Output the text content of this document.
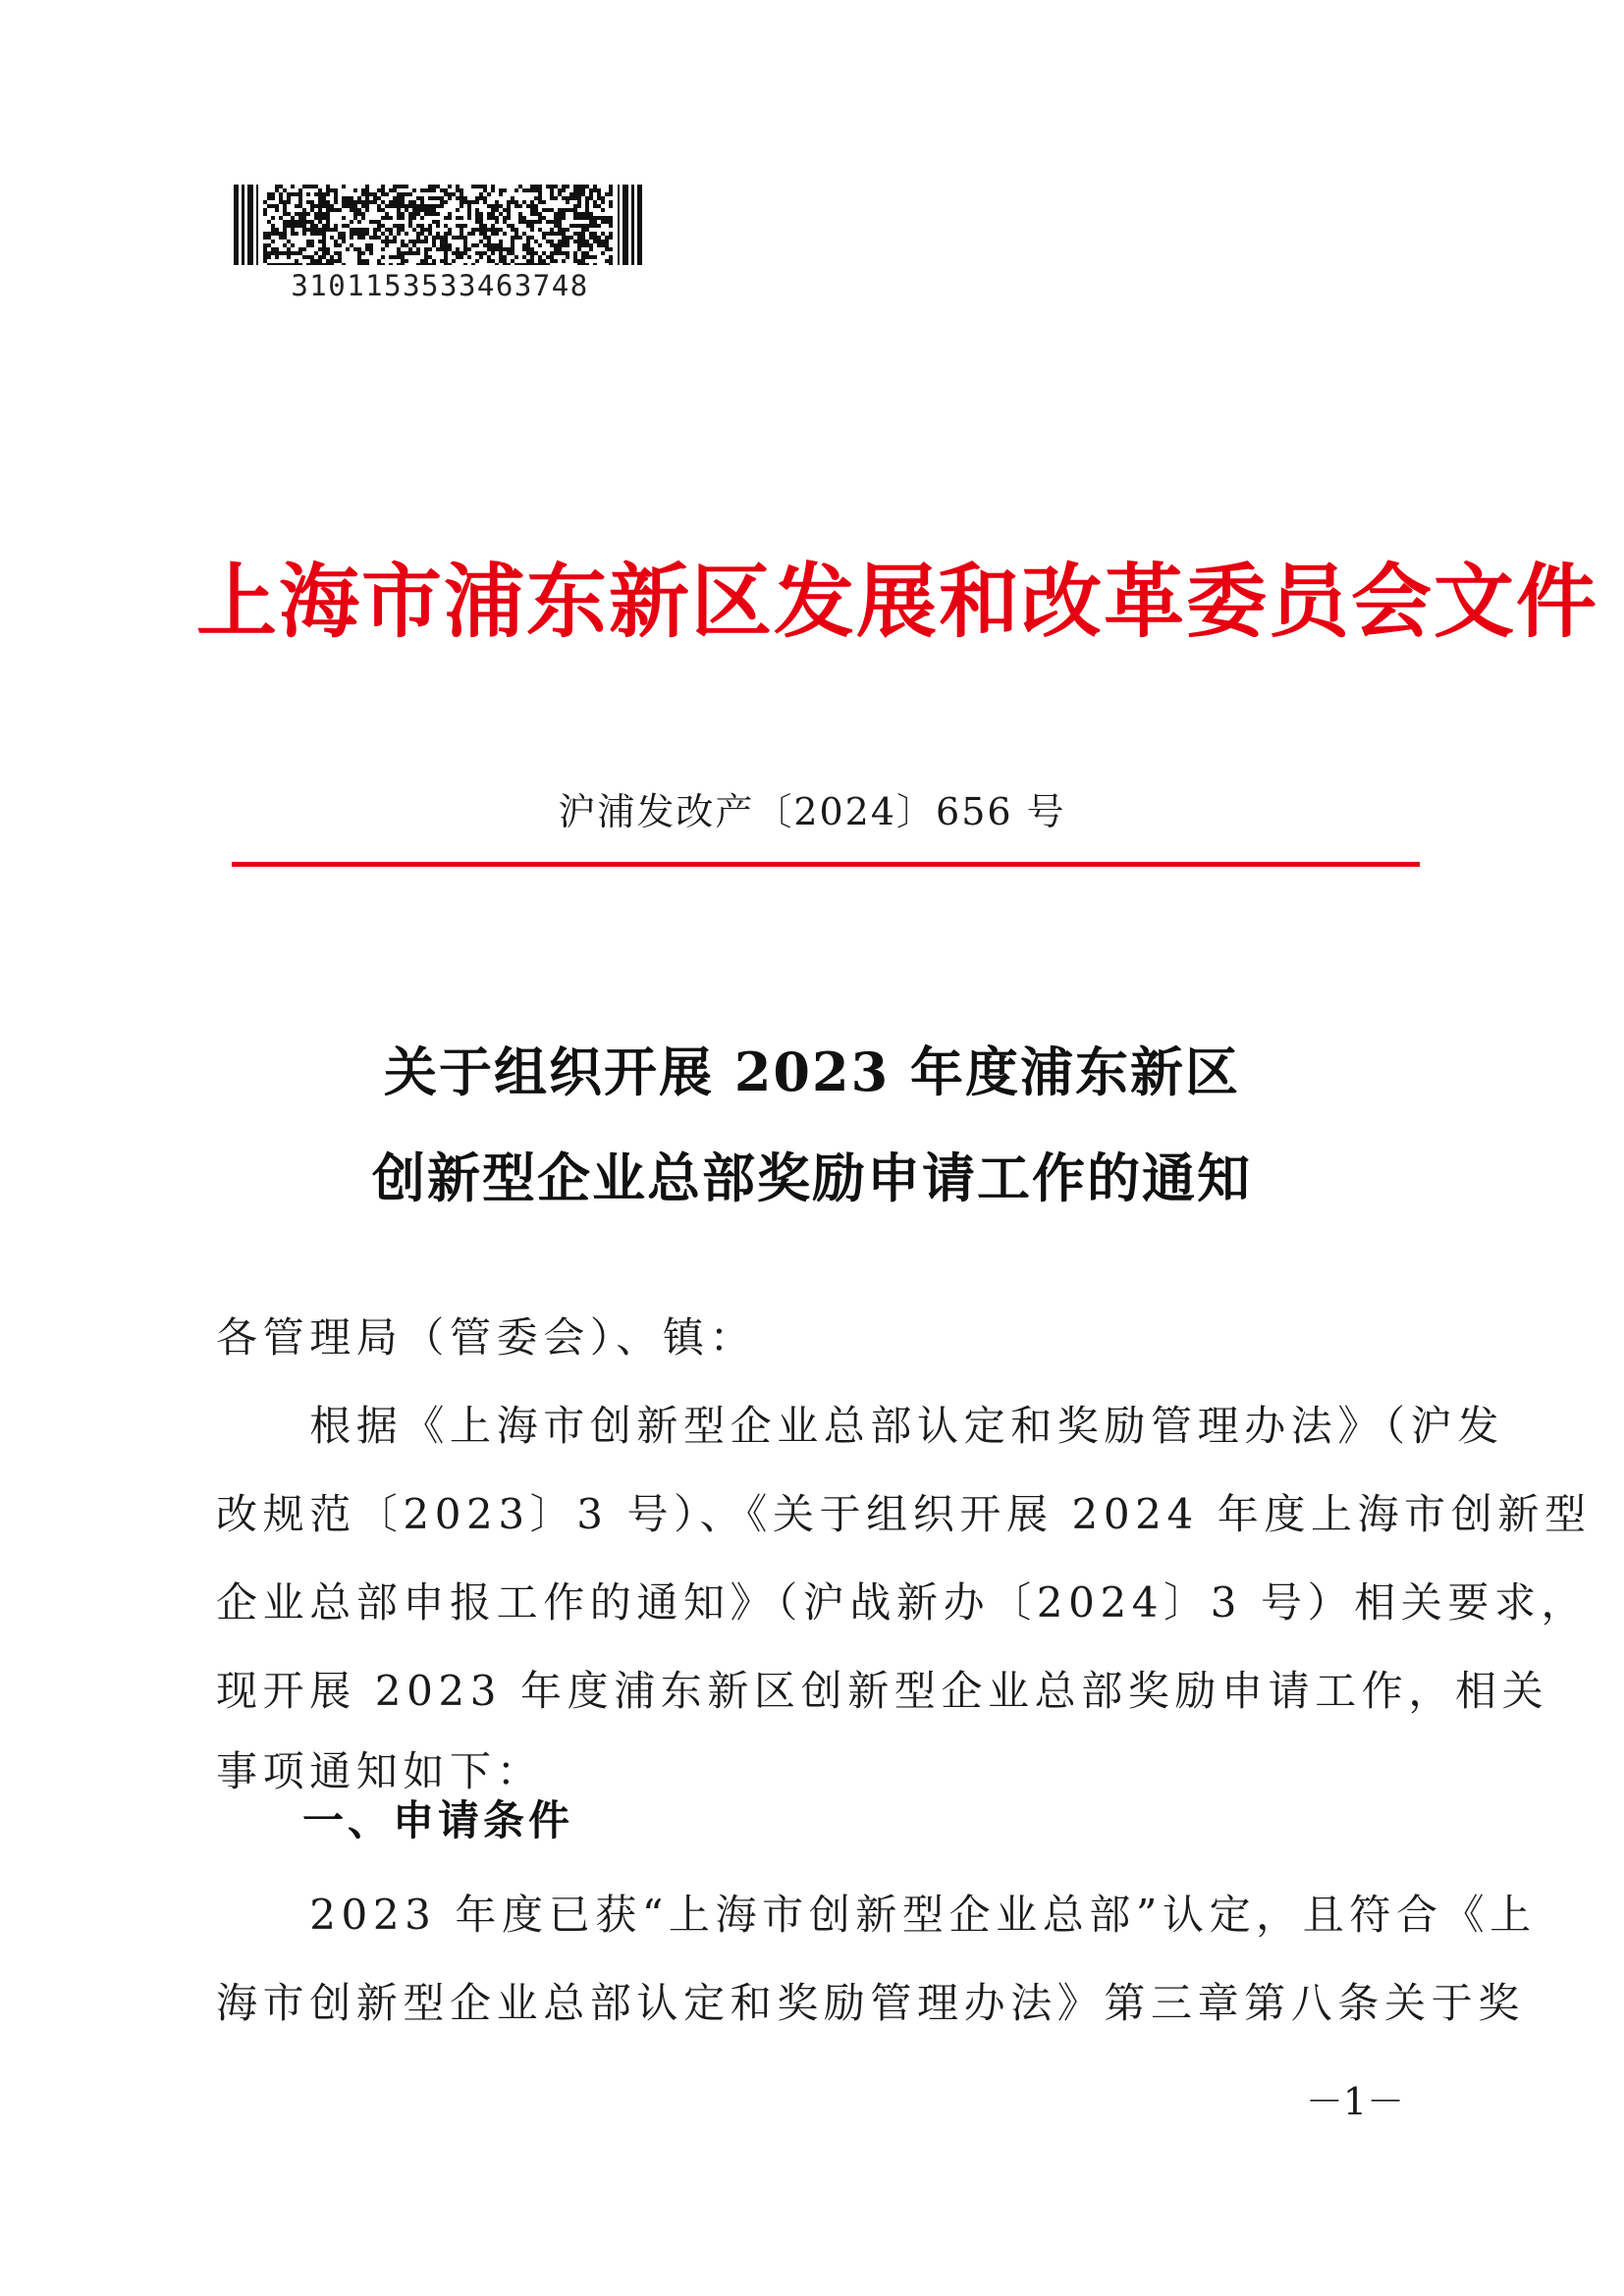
3101153533463748
上海市浦东新区发展和改革委员会文件
沪浦发改产〔2024〕656 号
关于组织开展 2023 年度浦东新区
创新型企业总部奖励申请工作的通知
各管理局（管委会）、镇：
　　根据《上海市创新型企业总部认定和奖励管理办法》（沪发
改规范〔2023〕3 号）、《关于组织开展 2024 年度上海市创新型
企业总部申报工作的通知》（沪战新办〔2024〕3 号）相关要求，
现开展 2023 年度浦东新区创新型企业总部奖励申请工作，相关
事项通知如下：
一、申请条件
　　2023 年度已获“上海市创新型企业总部”认定，且符合《上
海市创新型企业总部认定和奖励管理办法》第三章第八条关于奖
－1－
